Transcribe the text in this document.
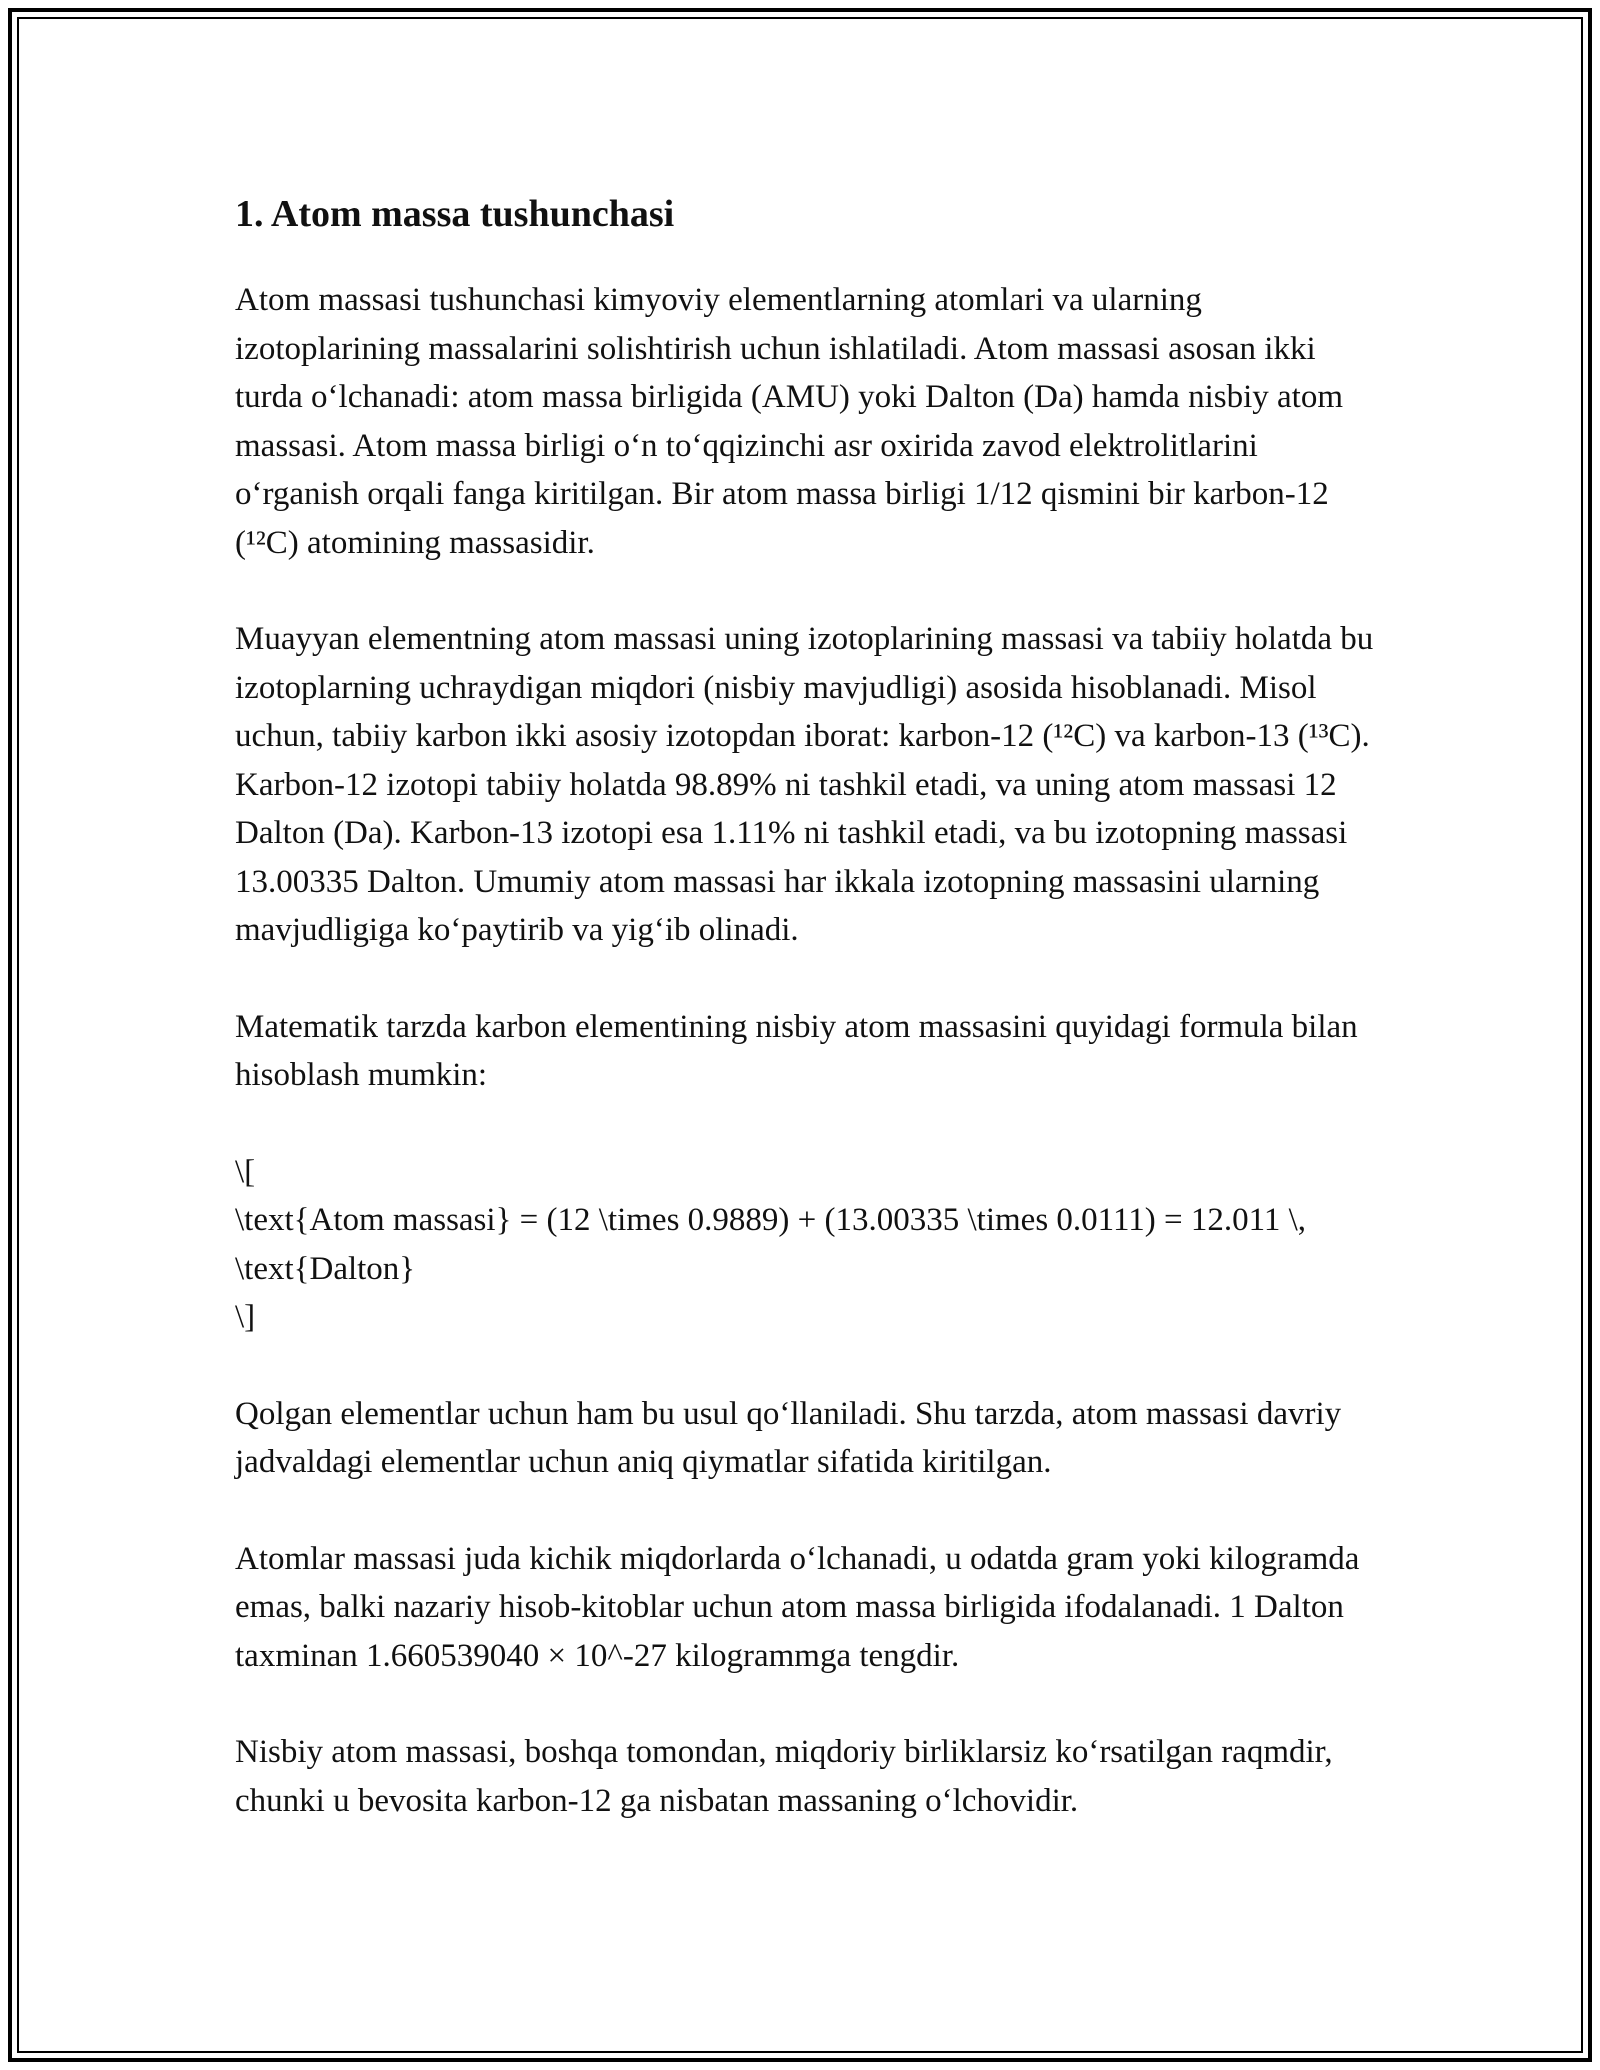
1. Atom massa tushunchasi

Atom massasi tushunchasi kimyoviy elementlarning atomlari va ularning izotoplarining massalarini solishtirish uchun ishlatiladi. Atom massasi asosan ikki turda o‘lchanadi: atom massa birligida (AMU) yoki Dalton (Da) hamda nisbiy atom massasi. Atom massa birligi o‘n to‘qqizinchi asr oxirida zavod elektrolitlarini o‘rganish orqali fanga kiritilgan. Bir atom massa birligi 1/12 qismini bir karbon-12 (¹²C) atomining massasidir.

Muayyan elementning atom massasi uning izotoplarining massasi va tabiiy holatda bu izotoplarning uchraydigan miqdori (nisbiy mavjudligi) asosida hisoblanadi. Misol uchun, tabiiy karbon ikki asosiy izotopdan iborat: karbon-12 (¹²C) va karbon-13 (¹³C). Karbon-12 izotopi tabiiy holatda 98.89% ni tashkil etadi, va uning atom massasi 12 Dalton (Da). Karbon-13 izotopi esa 1.11% ni tashkil etadi, va bu izotopning massasi 13.00335 Dalton. Umumiy atom massasi har ikkala izotopning massasini ularning mavjudligiga ko‘paytirib va yig‘ib olinadi.

Matematik tarzda karbon elementining nisbiy atom massasini quyidagi formula bilan hisoblash mumkin:

\[
\text{Atom massasi} = (12 \times 0.9889) + (13.00335 \times 0.0111) = 12.011 \, \text{Dalton}
\]

Qolgan elementlar uchun ham bu usul qo‘llaniladi. Shu tarzda, atom massasi davriy jadvaldagi elementlar uchun aniq qiymatlar sifatida kiritilgan.

Atomlar massasi juda kichik miqdorlarda o‘lchanadi, u odatda gram yoki kilogramda emas, balki nazariy hisob-kitoblar uchun atom massa birligida ifodalanadi. 1 Dalton taxminan 1.660539040 × 10^-27 kilogrammga tengdir.

Nisbiy atom massasi, boshqa tomondan, miqdoriy birliklarsiz ko‘rsatilgan raqmdir, chunki u bevosita karbon-12 ga nisbatan massaning o‘lchovidir.
